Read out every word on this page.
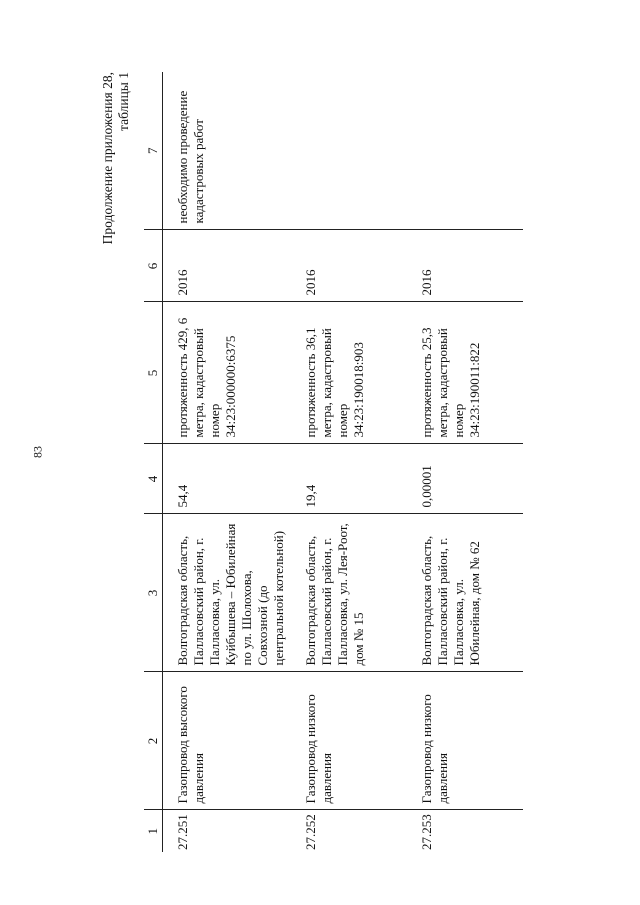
83
Продолжение приложения 28, таблицы 1
1	2	3	4	5	6	7
27.251	Газопровод высокого давления	Волгоградская область, Палласовский район, г. Палласовка, ул. Куйбышева – Юбилейная по ул. Шолохова, Совхозной (до центральной котельной)	54,4	протяженность 429, 6 метра, кадастровый номер 34:23:000000:6375	2016	необходимо проведение кадастровых работ
27.252	Газопровод низкого давления	Волгоградская область, Палласовский район, г. Палласовка, ул. Лея-Роот, дом № 15	19,4	протяженность 36,1 метра, кадастровый номер 34:23:190018:903	2016	
27.253	Газопровод низкого давления	Волгоградская область, Палласовский район, г. Палласовка, ул. Юбилейная, дом № 62	0,00001	протяженность 25,3 метра, кадастровый номер 34:23:190011:822	2016	
